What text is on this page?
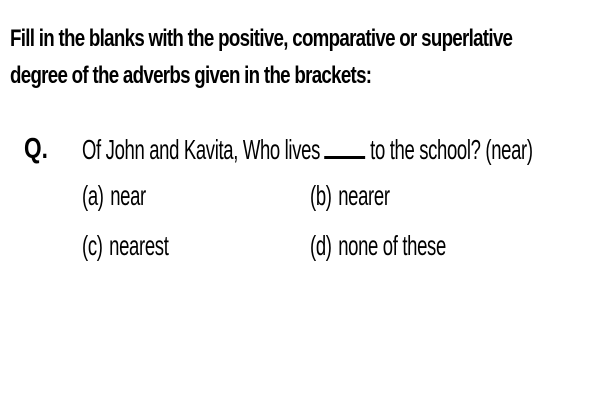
Fill in the blanks with the positive, comparative or superlative
degree of the adverbs given in the brackets:
Q. Of John and Kavita, Who lives to the school? (near)
(a) near	(b) nearer
(c) nearest	(d) none of these
